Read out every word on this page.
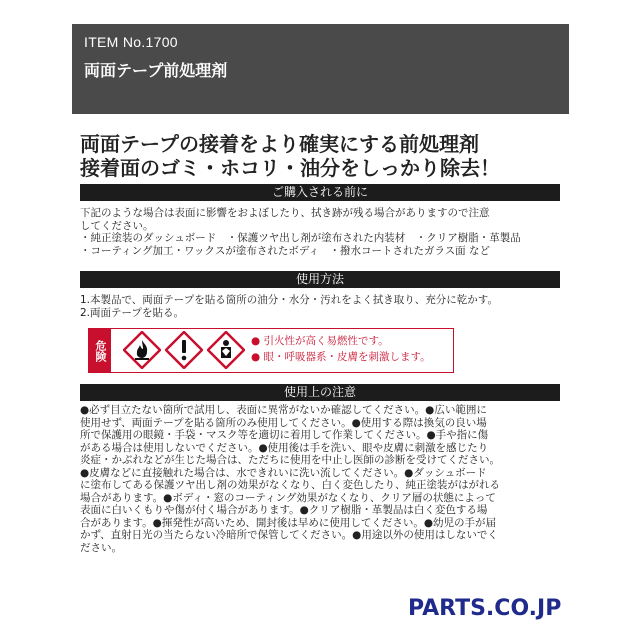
ITEM No.1700
両面テープ前処理剤
両面テープの接着をより確実にする前処理剤
接着面のゴミ・ホコリ・油分をしっかり除去！
ご購入される前に
下記のような場合は表面に影響をおよぼしたり、拭き跡が残る場合がありますので注意
してください。
・純正塗装のダッシュボード　・保護ツヤ出し剤が塗布された内装材　・クリア樹脂・革製品
・コーティング加工・ワックスが塗布されたボディ　・撥水コートされたガラス面 など
使用方法
1.本製品で、両面テープを貼る箇所の油分・水分・汚れをよく拭き取り、充分に乾かす。
2.両面テープを貼る。
危険	● 引火性が高く易燃性です。
● 眼・呼吸器系・皮膚を刺激します。
使用上の注意
●必ず目立たない箇所で試用し、表面に異常がないか確認してください。●広い範囲に
使用せず、両面テープを貼る箇所のみ使用してください。●使用する際は換気の良い場
所で保護用の眼鏡・手袋・マスク等を適切に着用して作業してください。●手や指に傷
がある場合は使用しないでください。●使用後は手を洗い、眼や皮膚に刺激を感じたり
炎症・かぶれなどが生じた場合は、ただちに使用を中止し医師の診断を受けてください。
●皮膚などに直接触れた場合は、水できれいに洗い流してください。●ダッシュボード
に塗布してある保護ツヤ出し剤の効果がなくなり、白く変色したり、純正塗装がはがれる
場合があります。●ボディ・窓のコーティング効果がなくなり、クリア層の状態によって
表面に白いくもりや傷が付く場合があります。●クリア樹脂・革製品は白く変色する場
合があります。●揮発性が高いため、開封後は早めに使用してください。●幼児の手が届
かず、直射日光の当たらない冷暗所で保管してください。●用途以外の使用はしないでく
ださい。
PARTS.CO.JP
